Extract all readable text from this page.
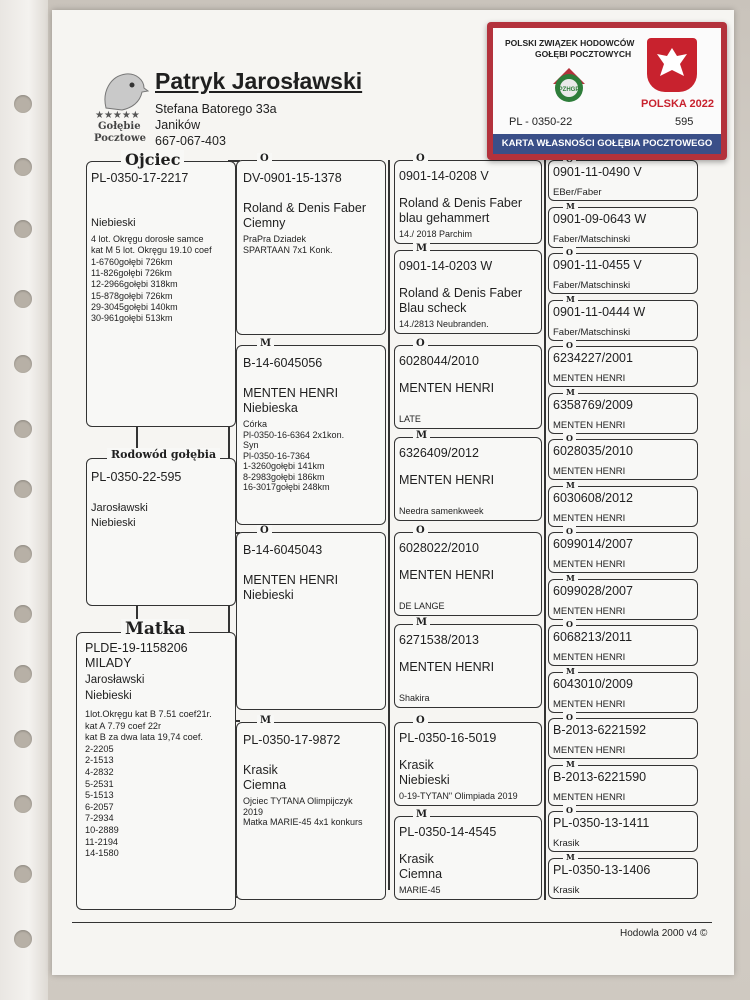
★★★★★
Gołębie
Pocztowe
Patryk Jarosławski
Stefana Batorego 33a
Janików
667-067-403
Ojciec
PL-0350-17-2217
Niebieski
4 lot. Okręgu dorosłe samce
kat M 5 lot. Okręgu 19.10 coef
1-6760gołębi 726km
11-826gołębi 726km
12-2966gołębi 318km
15-878gołębi 726km
29-3045gołębi 140km
30-961gołębi 513km
Rodowód gołębia
PL-0350-22-595
Jarosławski
Niebieski
Matka
PLDE-19-1158206
MILADY
Jarosławski
Niebieski
1lot.Okręgu kat B 7.51 coef21r.
kat A 7.79 coef 22r
kat B za dwa lata 19,74 coef.
2-2205
2-1513
4-2832
5-2531
5-1513
6-2057
7-2934
10-2889
11-2194
14-1580
O
DV-0901-15-1378
Roland & Denis Faber
Ciemny
PraPra Dziadek
SPARTAAN 7x1 Konk.
M
B-14-6045056
MENTEN HENRI
Niebieska
Córka
Pl-0350-16-6364 2x1kon.
Syn
Pl-0350-16-7364
1-3260gołębi 141km
8-2983gołębi 186km
16-3017gołębi 248km
O
B-14-6045043
MENTEN HENRI
Niebieski
M
PL-0350-17-9872
Krasik
Ciemna
Ojciec TYTANA Olimpijczyk
2019
Matka MARIE-45 4x1 konkurs
O
0901-14-0208 V
Roland & Denis Faber
blau gehammert
14./ 2018 Parchim
M
0901-14-0203 W
Roland & Denis Faber
Blau scheck
14./2813 Neubranden.
O
6028044/2010
MENTEN HENRI
LATE
M
6326409/2012
MENTEN HENRI
Needra samenkweek
O
6028022/2010
MENTEN HENRI
DE LANGE
M
6271538/2013
MENTEN HENRI
Shakira
O
PL-0350-16-5019
Krasik
Niebieski
0-19-TYTAN" Olimpiada 2019
M
PL-0350-14-4545
Krasik
Ciemna
MARIE-45
0901-11-0490 V
EBer/Faber
M
0901-09-0643 W
Faber/Matschinski
O
0901-11-0455 V
Faber/Matschinski
M
0901-11-0444 W
Faber/Matschinski
O
6234227/2001
MENTEN HENRI
M
6358769/2009
MENTEN HENRI
O
6028035/2010
MENTEN HENRI
M
6030608/2012
MENTEN HENRI
O
6099014/2007
MENTEN HENRI
M
6099028/2007
MENTEN HENRI
O
6068213/2011
MENTEN HENRI
M
6043010/2009
MENTEN HENRI
O
B-2013-6221592
MENTEN HENRI
M
B-2013-6221590
MENTEN HENRI
O
PL-0350-13-1411
Krasik
M
PL-0350-13-1406
Krasik
Hodowla 2000 v4 ©
POLSKI ZWIĄZEK HODOWCÓW
GOŁĘBI POCZTOWYCH
PZHGP
POLSKA 2022
PL - 0350-22	595
KARTA WŁASNOŚCI GOŁĘBIA POCZTOWEGO
